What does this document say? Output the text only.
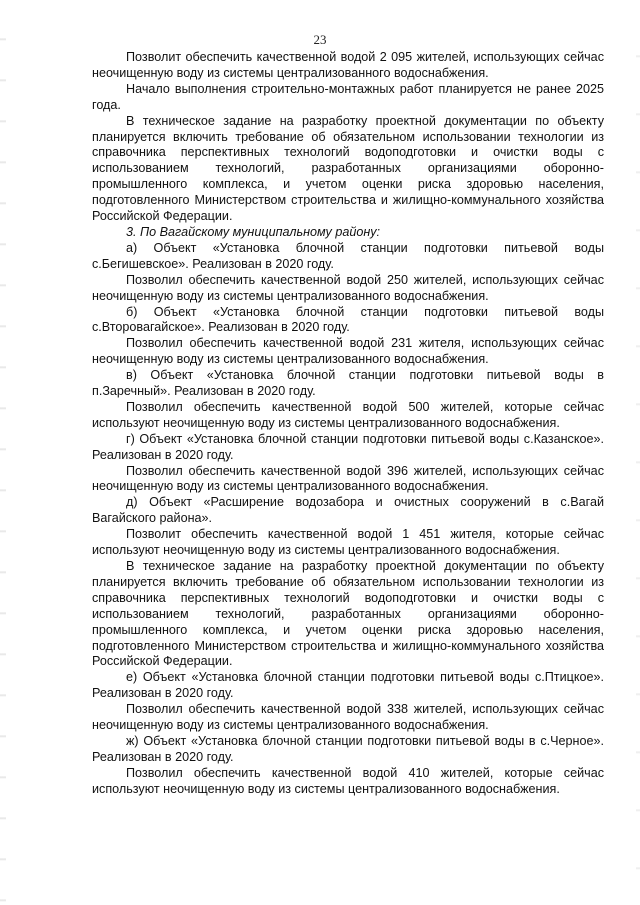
23

Позволит обеспечить качественной водой 2 095 жителей, использующих сейчас неочищенную воду из системы централизованного водоснабжения.

Начало выполнения строительно-монтажных работ планируется не ранее 2025 года.

В техническое задание на разработку проектной документации по объекту планируется включить требование об обязательном использовании технологии из справочника перспективных технологий водоподготовки и очистки воды с использованием технологий, разработанных организациями оборонно-промышленного комплекса, и учетом оценки риска здоровью населения, подготовленного Министерством строительства и жилищно-коммунального хозяйства Российской Федерации.

3. По Вагайскому муниципальному району:

а) Объект «Установка блочной станции подготовки питьевой воды с.Бегишевское». Реализован в 2020 году.

Позволил обеспечить качественной водой 250 жителей, использующих сейчас неочищенную воду из системы централизованного водоснабжения.

б) Объект «Установка блочной станции подготовки питьевой воды с.Второвагайское». Реализован в 2020 году.

Позволил обеспечить качественной водой 231 жителя, использующих сейчас неочищенную воду из системы централизованного водоснабжения.

в) Объект «Установка блочной станции подготовки питьевой воды в п.Заречный». Реализован в 2020 году.

Позволил обеспечить качественной водой 500 жителей, которые сейчас используют неочищенную воду из системы централизованного водоснабжения.

г) Объект «Установка блочной станции подготовки питьевой воды с.Казанское». Реализован в 2020 году.

Позволил обеспечить качественной водой 396 жителей, использующих сейчас неочищенную воду из системы централизованного водоснабжения.

д) Объект «Расширение водозабора и очистных сооружений в с.Вагай Вагайского района».

Позволит обеспечить качественной водой 1 451 жителя, которые сейчас используют неочищенную воду из системы централизованного водоснабжения.

В техническое задание на разработку проектной документации по объекту планируется включить требование об обязательном использовании технологии из справочника перспективных технологий водоподготовки и очистки воды с использованием технологий, разработанных организациями оборонно-промышленного комплекса, и учетом оценки риска здоровью населения, подготовленного Министерством строительства и жилищно-коммунального хозяйства Российской Федерации.

е) Объект «Установка блочной станции подготовки питьевой воды с.Птицкое». Реализован в 2020 году.

Позволил обеспечить качественной водой 338 жителей, использующих сейчас неочищенную воду из системы централизованного водоснабжения.

ж) Объект «Установка блочной станции подготовки питьевой воды в с.Черное». Реализован в 2020 году.

Позволил обеспечить качественной водой 410 жителей, которые сейчас используют неочищенную воду из системы централизованного водоснабжения.
